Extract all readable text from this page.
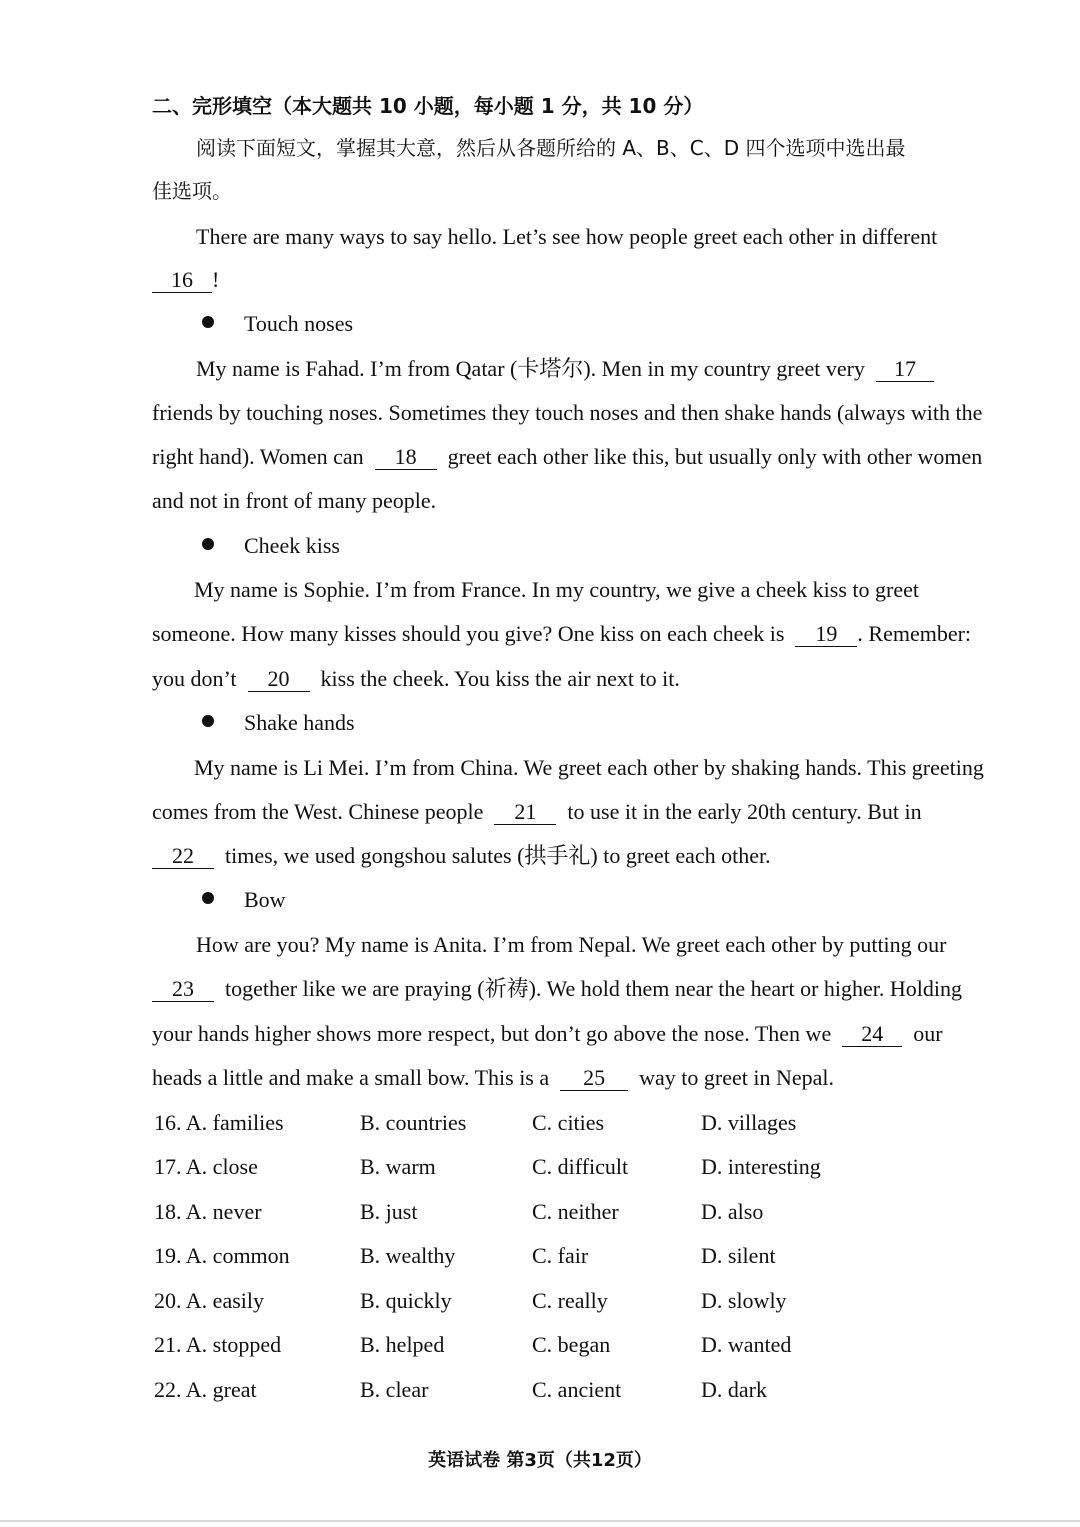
二、完形填空（本大题共 10 小题，每小题 1 分，共 10 分）
阅读下面短文，掌握其大意，然后从各题所给的 A、B、C、D 四个选项中选出最
佳选项。
There are many ways to say hello. Let’s see how people greet each other in different
16 !
Touch noses
My name is Fahad. I’m from Qatar (卡塔尔). Men in my country greet very 17
friends by touching noses. Sometimes they touch noses and then shake hands (always with the
right hand). Women can 18 greet each other like this, but usually only with other women
and not in front of many people.
Cheek kiss
My name is Sophie. I’m from France. In my country, we give a cheek kiss to greet
someone. How many kisses should you give? One kiss on each cheek is 19 . Remember:
you don’t 20 kiss the cheek. You kiss the air next to it.
Shake hands
My name is Li Mei. I’m from China. We greet each other by shaking hands. This greeting
comes from the West. Chinese people 21 to use it in the early 20th century. But in
22 times, we used gongshou salutes (拱手礼) to greet each other.
Bow
How are you? My name is Anita. I’m from Nepal. We greet each other by putting our
23 together like we are praying (祈祷). We hold them near the heart or higher. Holding
your hands higher shows more respect, but don’t go above the nose. Then we 24 our
heads a little and make a small bow. This is a 25 way to greet in Nepal.
16. A. families	B. countries	C. cities	D. villages
17. A. close	B. warm	C. difficult	D. interesting
18. A. never	B. just	C. neither	D. also
19. A. common	B. wealthy	C. fair	D. silent
20. A. easily	B. quickly	C. really	D. slowly
21. A. stopped	B. helped	C. began	D. wanted
22. A. great	B. clear	C. ancient	D. dark
英语试卷 第3页（共12页）
